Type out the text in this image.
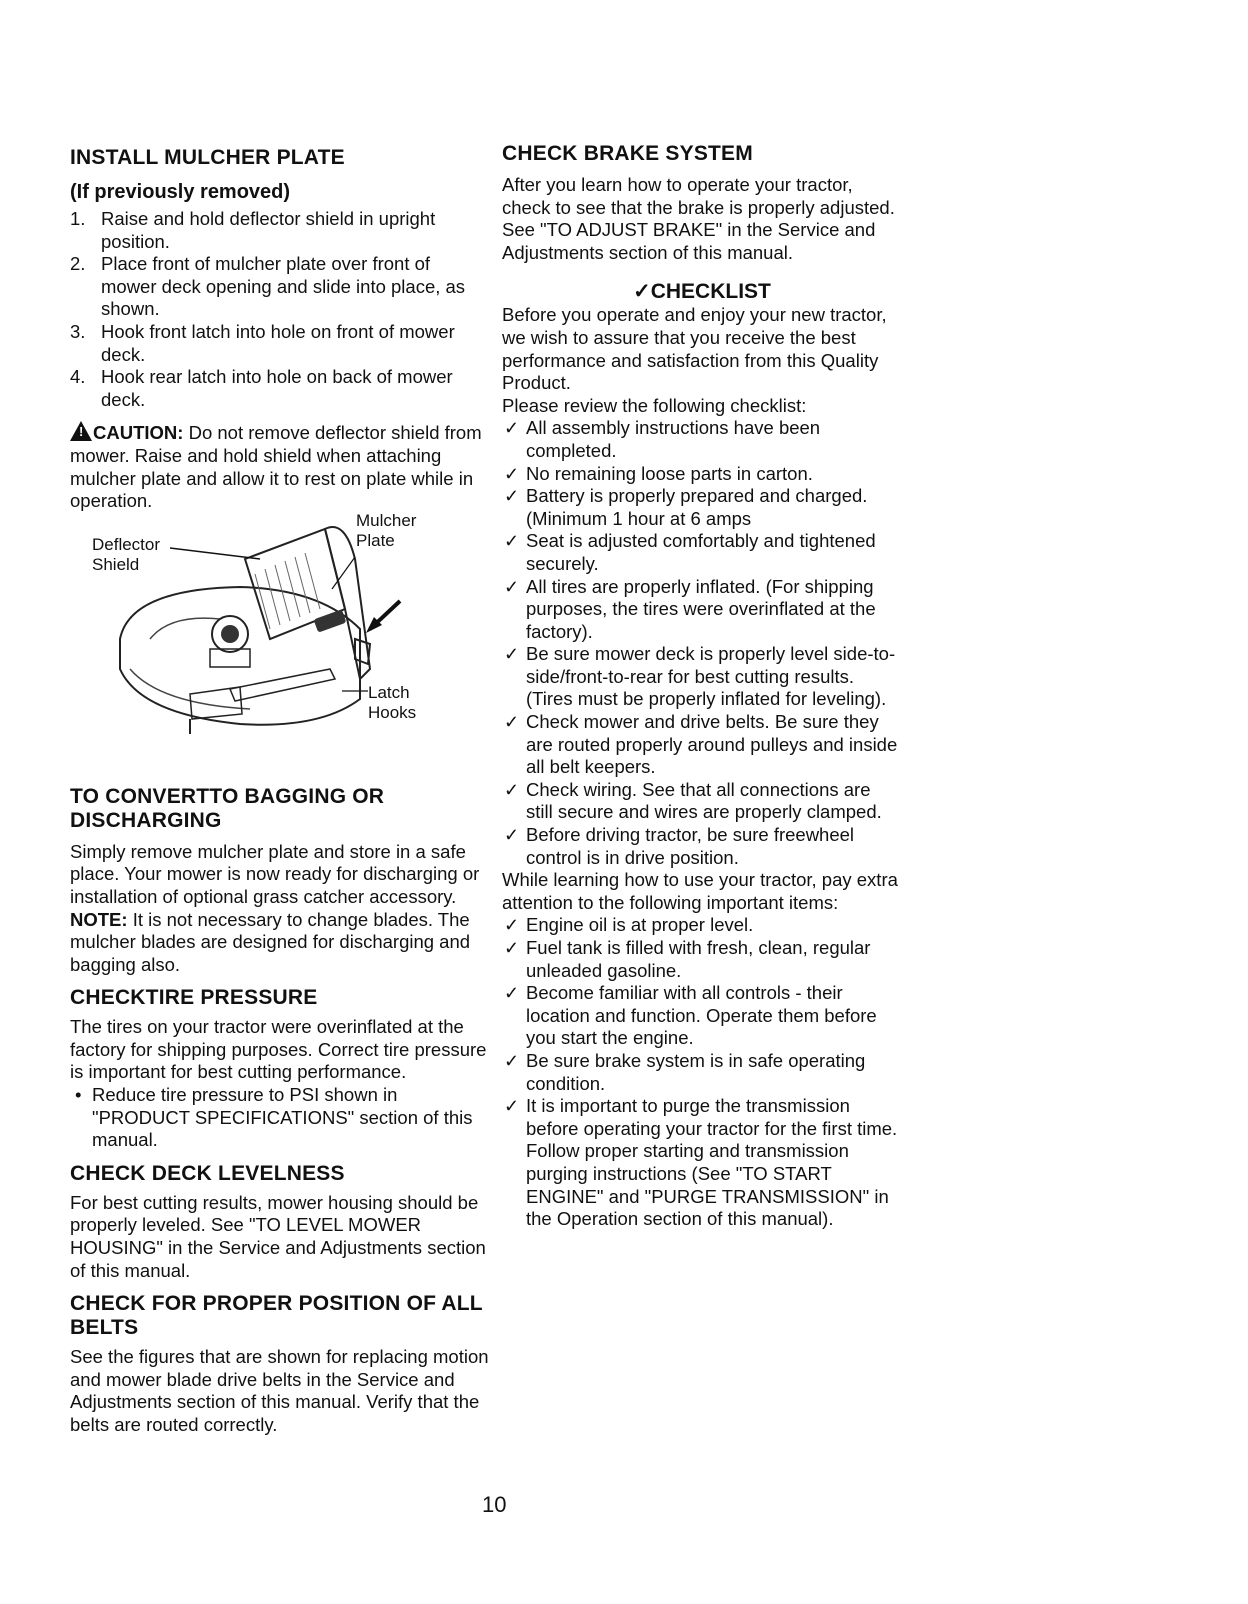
INSTALL MULCHER PLATE
(If previously removed)
1. Raise and hold deflector shield in upright position.
2. Place front of mulcher plate over front of mower deck opening and slide into place, as shown.
3. Hook front latch into hole on front of mower deck.
4. Hook rear latch into hole on back of mower deck.
! CAUTION: Do not remove deflector shield from mower. Raise and hold shield when attaching mulcher plate and allow it to rest on plate while in operation.
Deflector
Shield
Mulcher
Plate
Latch
Hooks
TO CONVERTTO BAGGING OR DISCHARGING

Simply remove mulcher plate and store in a safe place. Your mower is now ready for discharging or installation of optional grass catcher accessory.

NOTE: It is not necessary to change blades. The mulcher blades are designed for discharging and bagging also.

CHECKTIRE PRESSURE

The tires on your tractor were overinflated at the factory for shipping purposes. Correct tire pressure is important for best cutting performance.

• Reduce tire pressure to PSI shown in "PRODUCT SPECIFICATIONS" section of this manual.
CHECK DECK LEVELNESS

For best cutting results, mower housing should be properly leveled. See "TO LEVEL MOWER HOUSING" in the Service and Adjustments section of this manual.

CHECK FOR PROPER POSITION OF ALL BELTS

See the figures that are shown for replacing motion and mower blade drive belts in the Service and Adjustments section of this manual. Verify that the belts are routed correctly.

CHECK BRAKE SYSTEM

After you learn how to operate your tractor, check to see that the brake is properly adjusted. See "TO ADJUST BRAKE" in the Service and Adjustments section of this manual.

✓CHECKLIST

Before you operate and enjoy your new tractor, we wish to assure that you receive the best performance and satisfaction from this Quality Product.

Please review the following checklist:

✓ All assembly instructions have been completed.
✓ No remaining loose parts in carton.
✓ Battery is properly prepared and charged. (Minimum 1 hour at 6 amps
✓ Seat is adjusted comfortably and tightened securely.
✓ All tires are properly inflated. (For shipping purposes, the tires were overinflated at the factory).
✓ Be sure mower deck is properly level side-to-side/front-to-rear for best cutting results. (Tires must be properly inflated for leveling).
✓ Check mower and drive belts. Be sure they are routed properly around pulleys and inside all belt keepers.
✓ Check wiring. See that all connections are still secure and wires are properly clamped.
✓ Before driving tractor, be sure freewheel control is in drive position.

While learning how to use your tractor, pay extra attention to the following important items:

✓ Engine oil is at proper level.
✓ Fuel tank is filled with fresh, clean, regular unleaded gasoline.
✓ Become familiar with all controls - their location and function. Operate them before you start the engine.
✓ Be sure brake system is in safe operating condition.
✓ It is important to purge the transmission before operating your tractor for the first time. Follow proper starting and transmission purging instructions (See "TO START ENGINE" and "PURGE TRANSMISSION" in the Operation section of this manual).
10
